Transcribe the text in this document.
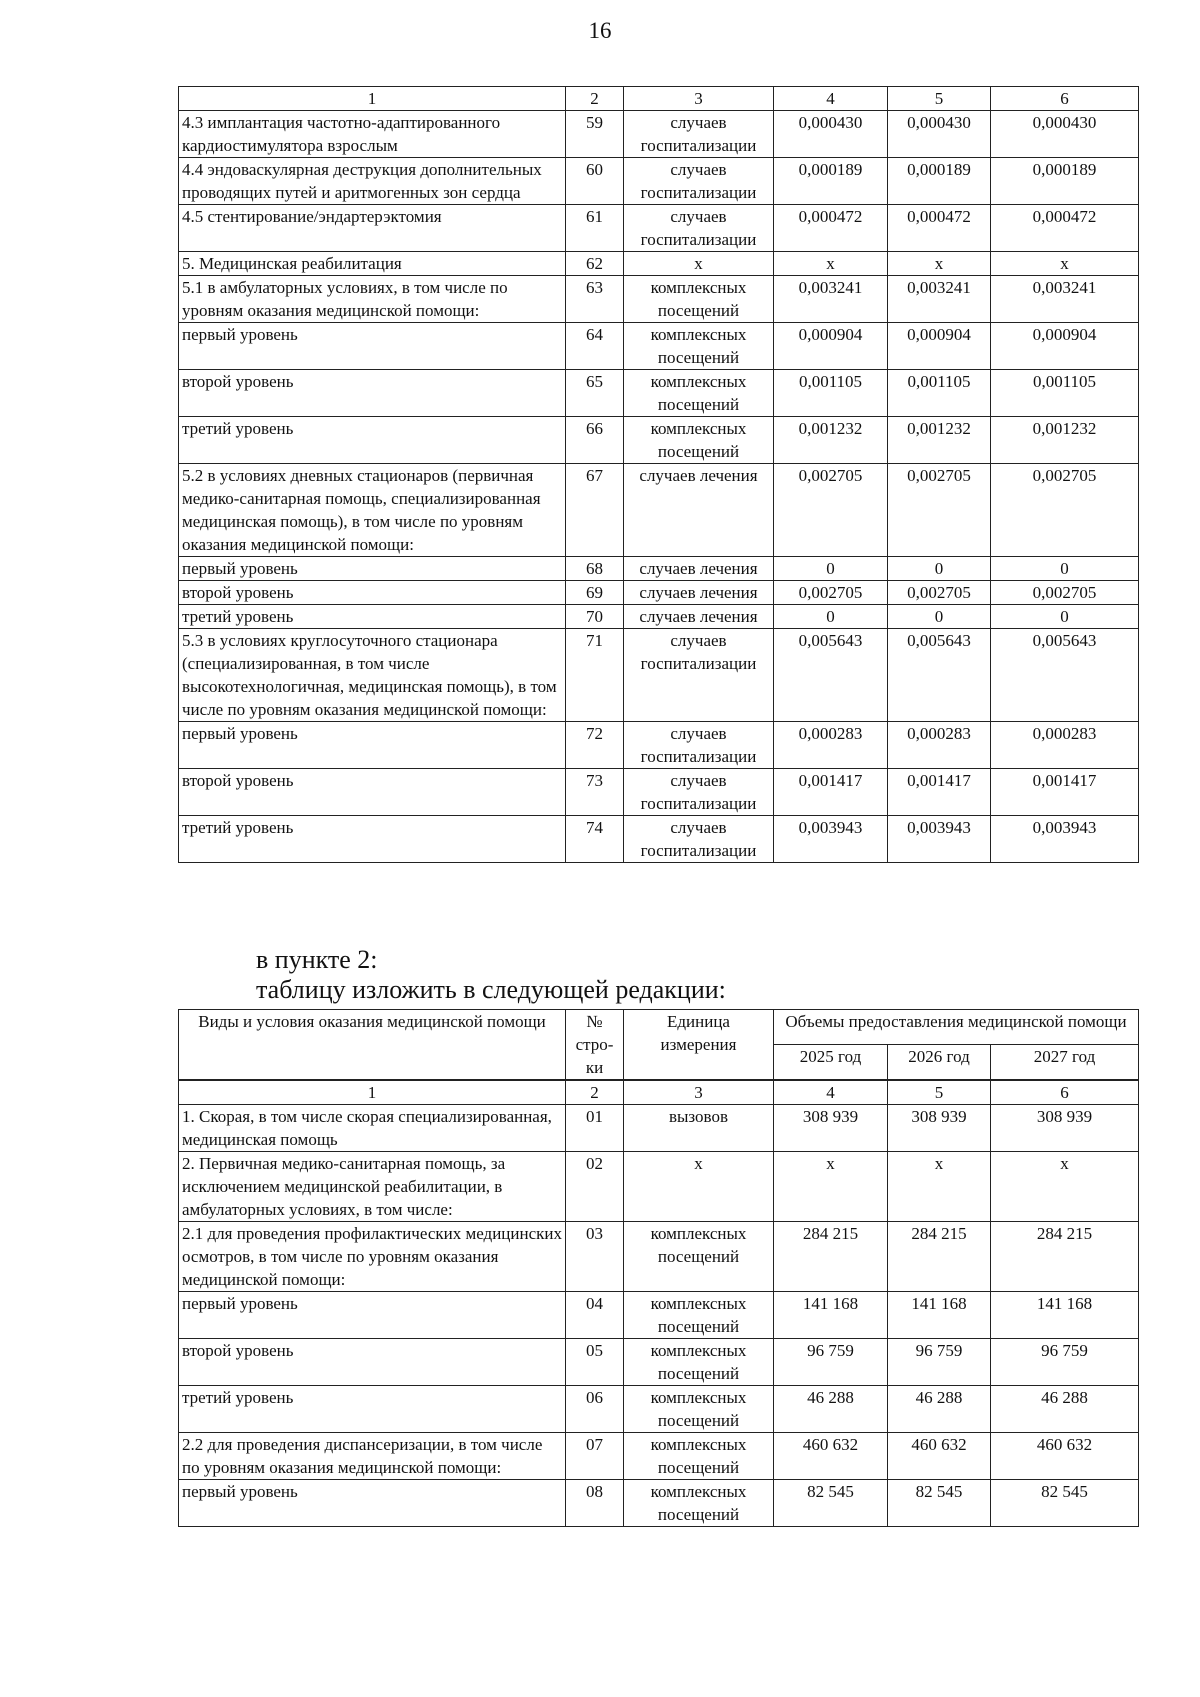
16
1	2	3	4	5	6
4.3 имплантация частотно-адаптированного кардиостимулятора взрослым	59	случаев госпитализации	0,000430	0,000430	0,000430
4.4 эндоваскулярная деструкция дополнительных проводящих путей и аритмогенных зон сердца	60	случаев госпитализации	0,000189	0,000189	0,000189
4.5 стентирование/эндартерэктомия	61	случаев госпитализации	0,000472	0,000472	0,000472
5. Медицинская реабилитация	62	x	x	x	x
5.1 в амбулаторных условиях, в том числе по уровням оказания медицинской помощи:	63	комплексных посещений	0,003241	0,003241	0,003241
первый уровень	64	комплексных посещений	0,000904	0,000904	0,000904
второй уровень	65	комплексных посещений	0,001105	0,001105	0,001105
третий уровень	66	комплексных посещений	0,001232	0,001232	0,001232
5.2 в условиях дневных стационаров (первичная медико-санитарная помощь, специализированная медицинская помощь), в том числе по уровням оказания медицинской помощи:	67	случаев лечения	0,002705	0,002705	0,002705
первый уровень	68	случаев лечения	0	0	0
второй уровень	69	случаев лечения	0,002705	0,002705	0,002705
третий уровень	70	случаев лечения	0	0	0
5.3 в условиях круглосуточного стационара (специализированная, в том числе высокотехнологичная, медицинская помощь), в том числе по уровням оказания медицинской помощи:	71	случаев госпитализации	0,005643	0,005643	0,005643
первый уровень	72	случаев госпитализации	0,000283	0,000283	0,000283
второй уровень	73	случаев госпитализации	0,001417	0,001417	0,001417
третий уровень	74	случаев госпитализации	0,003943	0,003943	0,003943
в пункте 2:
таблицу изложить в следующей редакции:
Виды и условия оказания медицинской помощи	№ стро- ки	Единица измерения	Объемы предоставления медицинской помощи		
			2025 год	2026 год	2027 год
1	2	3	4	5	6
1. Скорая, в том числе скорая специализированная, медицинская помощь	01	вызовов	308 939	308 939	308 939
2. Первичная медико-санитарная помощь, за исключением медицинской реабилитации, в амбулаторных условиях, в том числе:	02	x	x	x	x
2.1 для проведения профилактических медицинских осмотров, в том числе по уровням оказания медицинской помощи:	03	комплексных посещений	284 215	284 215	284 215
первый уровень	04	комплексных посещений	141 168	141 168	141 168
второй уровень	05	комплексных посещений	96 759	96 759	96 759
третий уровень	06	комплексных посещений	46 288	46 288	46 288
2.2 для проведения диспансеризации, в том числе по уровням оказания медицинской помощи:	07	комплексных посещений	460 632	460 632	460 632
первый уровень	08	комплексных посещений	82 545	82 545	82 545
